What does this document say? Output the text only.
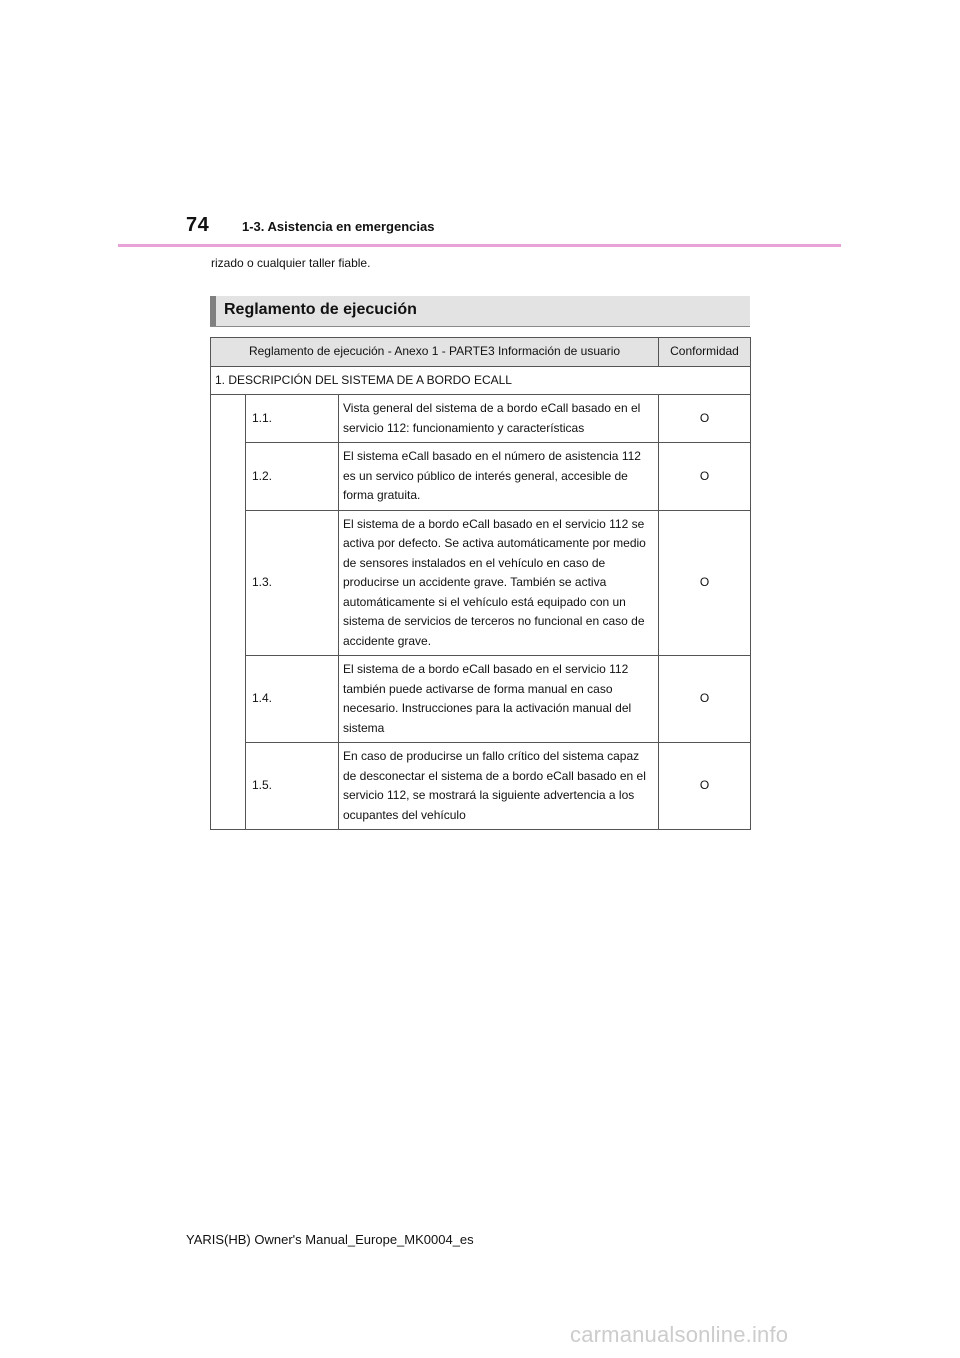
74	1-3. Asistencia en emergencias
rizado o cualquier taller fiable.
Reglamento de ejecución
Reglamento de ejecución - Anexo 1 - PARTE3 Información de usuario			Conformidad
1. DESCRIPCIÓN DEL SISTEMA DE A BORDO ECALL			
	1.1.	Vista general del sistema de a bordo eCall basado en el servicio 112: funcionamiento y características	O
	1.2.	El sistema eCall basado en el número de asistencia 112 es un servico público de interés general, accesible de forma gratuita.	O
	1.3.	El sistema de a bordo eCall basado en el servicio 112 se activa por defecto. Se activa automáticamente por medio de sensores instalados en el vehículo en caso de producirse un accidente grave. También se activa automáticamente si el vehículo está equipado con un sistema de servicios de terceros no funcional en caso de accidente grave.	O
	1.4.	El sistema de a bordo eCall basado en el servicio 112 también puede activarse de forma manual en caso necesario. Instrucciones para la activación manual del sistema	O
	1.5.	En caso de producirse un fallo crítico del sistema capaz de desconectar el sistema de a bordo eCall basado en el servicio 112, se mostrará la siguiente advertencia a los ocupantes del vehículo	O
YARIS(HB) Owner's Manual_Europe_MK0004_es
carmanualsonline.info
